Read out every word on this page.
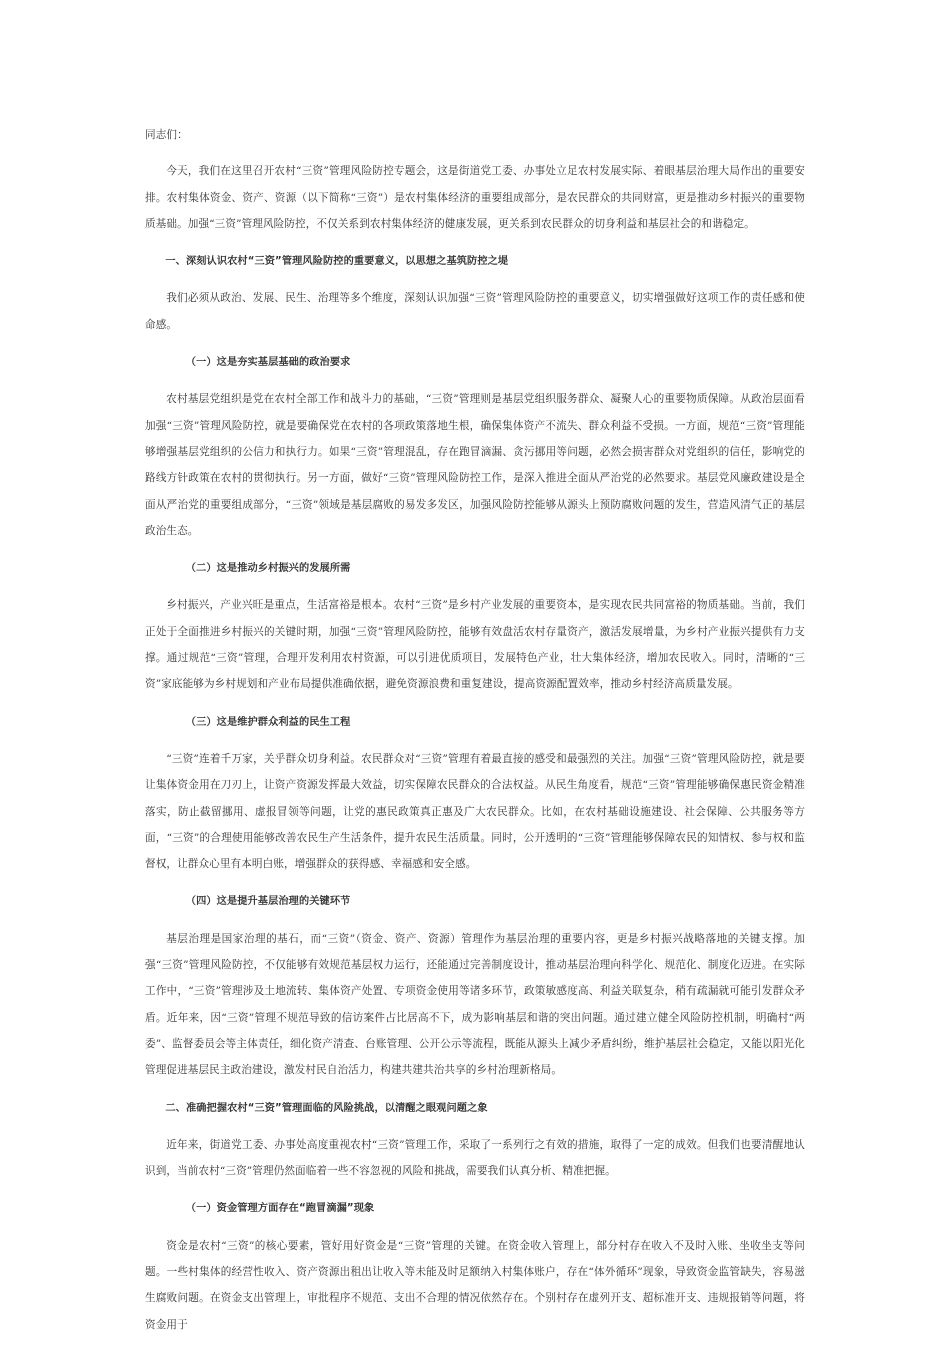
同志们：

今天，我们在这里召开农村“三资”管理风险防控专题会，这是街道党工委、办事处立足农村发展实际、着眼基层治理大局作出的重要安排。农村集体资金、资产、资源（以下简称“三资”）是农村集体经济的重要组成部分，是农民群众的共同财富，更是推动乡村振兴的重要物质基础。加强“三资”管理风险防控，不仅关系到农村集体经济的健康发展，更关系到农民群众的切身利益和基层社会的和谐稳定。

一、深刻认识农村“三资”管理风险防控的重要意义，以思想之基筑防控之堤

我们必须从政治、发展、民生、治理等多个维度，深刻认识加强“三资”管理风险防控的重要意义，切实增强做好这项工作的责任感和使命感。

（一）这是夯实基层基础的政治要求

农村基层党组织是党在农村全部工作和战斗力的基础，“三资”管理则是基层党组织服务群众、凝聚人心的重要物质保障。从政治层面看加强“三资”管理风险防控，就是要确保党在农村的各项政策落地生根，确保集体资产不流失、群众利益不受损。一方面，规范“三资”管理能够增强基层党组织的公信力和执行力。如果“三资”管理混乱，存在跑冒滴漏、贪污挪用等问题，必然会损害群众对党组织的信任，影响党的路线方针政策在农村的贯彻执行。另一方面，做好“三资”管理风险防控工作，是深入推进全面从严治党的必然要求。基层党风廉政建设是全面从严治党的重要组成部分，“三资”领域是基层腐败的易发多发区，加强风险防控能够从源头上预防腐败问题的发生，营造风清气正的基层政治生态。

（二）这是推动乡村振兴的发展所需

乡村振兴，产业兴旺是重点，生活富裕是根本。农村“三资”是乡村产业发展的重要资本，是实现农民共同富裕的物质基础。当前，我们正处于全面推进乡村振兴的关键时期，加强“三资”管理风险防控，能够有效盘活农村存量资产，激活发展增量，为乡村产业振兴提供有力支撑。通过规范“三资”管理，合理开发利用农村资源，可以引进优质项目，发展特色产业，壮大集体经济，增加农民收入。同时，清晰的“三资”家底能够为乡村规划和产业布局提供准确依据，避免资源浪费和重复建设，提高资源配置效率，推动乡村经济高质量发展。

（三）这是维护群众利益的民生工程

“三资”连着千万家，关乎群众切身利益。农民群众对“三资”管理有着最直接的感受和最强烈的关注。加强“三资”管理风险防控，就是要让集体资金用在刀刃上，让资产资源发挥最大效益，切实保障农民群众的合法权益。从民生角度看，规范“三资”管理能够确保惠民资金精准落实，防止截留挪用、虚报冒领等问题，让党的惠民政策真正惠及广大农民群众。比如，在农村基础设施建设、社会保障、公共服务等方面，“三资”的合理使用能够改善农民生产生活条件，提升农民生活质量。同时，公开透明的“三资”管理能够保障农民的知情权、参与权和监督权，让群众心里有本明白账，增强群众的获得感、幸福感和安全感。

（四）这是提升基层治理的关键环节

基层治理是国家治理的基石，而“三资”（资金、资产、资源）管理作为基层治理的重要内容，更是乡村振兴战略落地的关键支撑。加强“三资”管理风险防控，不仅能够有效规范基层权力运行，还能通过完善制度设计，推动基层治理向科学化、规范化、制度化迈进。在实际工作中，“三资”管理涉及土地流转、集体资产处置、专项资金使用等诸多环节，政策敏感度高、利益关联复杂，稍有疏漏就可能引发群众矛盾。近年来，因“三资”管理不规范导致的信访案件占比居高不下，成为影响基层和谐的突出问题。通过建立健全风险防控机制，明确村“两委”、监督委员会等主体责任，细化资产清查、台账管理、公开公示等流程，既能从源头上减少矛盾纠纷，维护基层社会稳定，又能以阳光化管理促进基层民主政治建设，激发村民自治活力，构建共建共治共享的乡村治理新格局。

二、准确把握农村“三资”管理面临的风险挑战，以清醒之眼观问题之象

近年来，街道党工委、办事处高度重视农村“三资”管理工作，采取了一系列行之有效的措施，取得了一定的成效。但我们也要清醒地认识到，当前农村“三资”管理仍然面临着一些不容忽视的风险和挑战，需要我们认真分析、精准把握。

（一）资金管理方面存在“跑冒滴漏”现象

资金是农村“三资”的核心要素，管好用好资金是“三资”管理的关键。在资金收入管理上，部分村存在收入不及时入账、坐收坐支等问题。一些村集体的经营性收入、资产资源出租出让收入等未能及时足额纳入村集体账户，存在“体外循环”现象，导致资金监管缺失，容易滋生腐败问题。在资金支出管理上，审批程序不规范、支出不合理的情况依然存在。个别村存在虚列开支、超标准开支、违规报销等问题，将资金用于
